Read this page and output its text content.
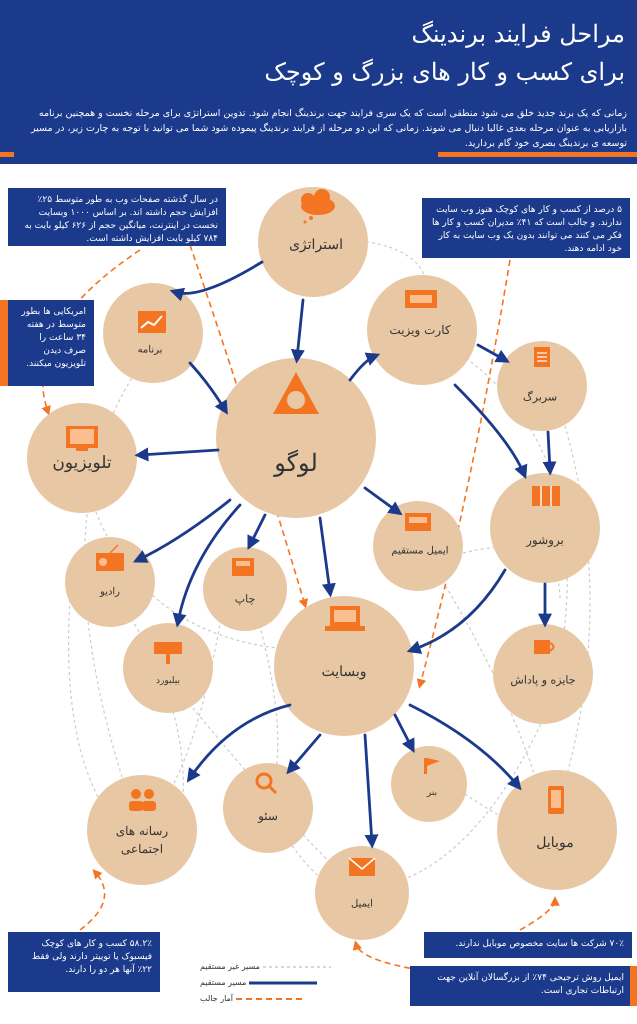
مراحل فرایند برندینگ
برای کسب و کار های بزرگ و کوچک
زمانی که یک برند جدید خلق می شود منطقی است که یک سری فرایند جهت برندینگ انجام شود. تدوین استراتژی برای مرحله نخست و همچنین برنامه بازاریابی به عنوان مرحله بعدی غالبا دنبال می شوند. زمانی که این دو مرحله از فرایند برندینگ پیموده شود شما می توانید با توجه به چارت زیر، در مسیر توسعه ی برندینگ بصری خود گام بردارید.
استراتژی
برنامه
تلویزیون	لوگو
کارت ویزیت
سربرگ
بروشور
ایمیل مستقیم
رادیو
چاپ
بیلبورد
وبسایت	جایزه و پاداش
بنر
سئو
رسانه های اجتماعی	موبایل
ایمیل
در سال گذشته صفحات وب به طور متوسط ۲۵٪ افزایش حجم داشته اند. بر اساس ۱۰۰۰ وبسایت نخست در اینترنت، میانگین حجم از ۶۲۶ کیلو بایت به ۷۸۴ کیلو بایت افزایش داشته است.
امریکایی ها بطور متوسط در هفته ۳۴ ساعت را صرف دیدن تلویزیون میکنند.
۵ درصد از کسب و کار های کوچک هنوز وب سایت ندارند. و جالب است که ۴۱٪ مدیران کسب و کار ها فکر می کنند می توانند بدون یک وب سایت به کار خود ادامه دهند.
۵۸.۲٪ کسب و کار های کوچک فیسبوک یا توییتر دارند ولی فقط ۲۲٪ آنها هر دو را دارند.
۷۰٪ شرکت ها سایت مخصوص موبایل ندارند.
ایمیل روش ترجیحی ۷۴٪ از بزرگسالان آنلاین جهت ارتباطات تجاری است.
مسیر غیر مستقیم
مسیر مستقیم
آمار جالب
